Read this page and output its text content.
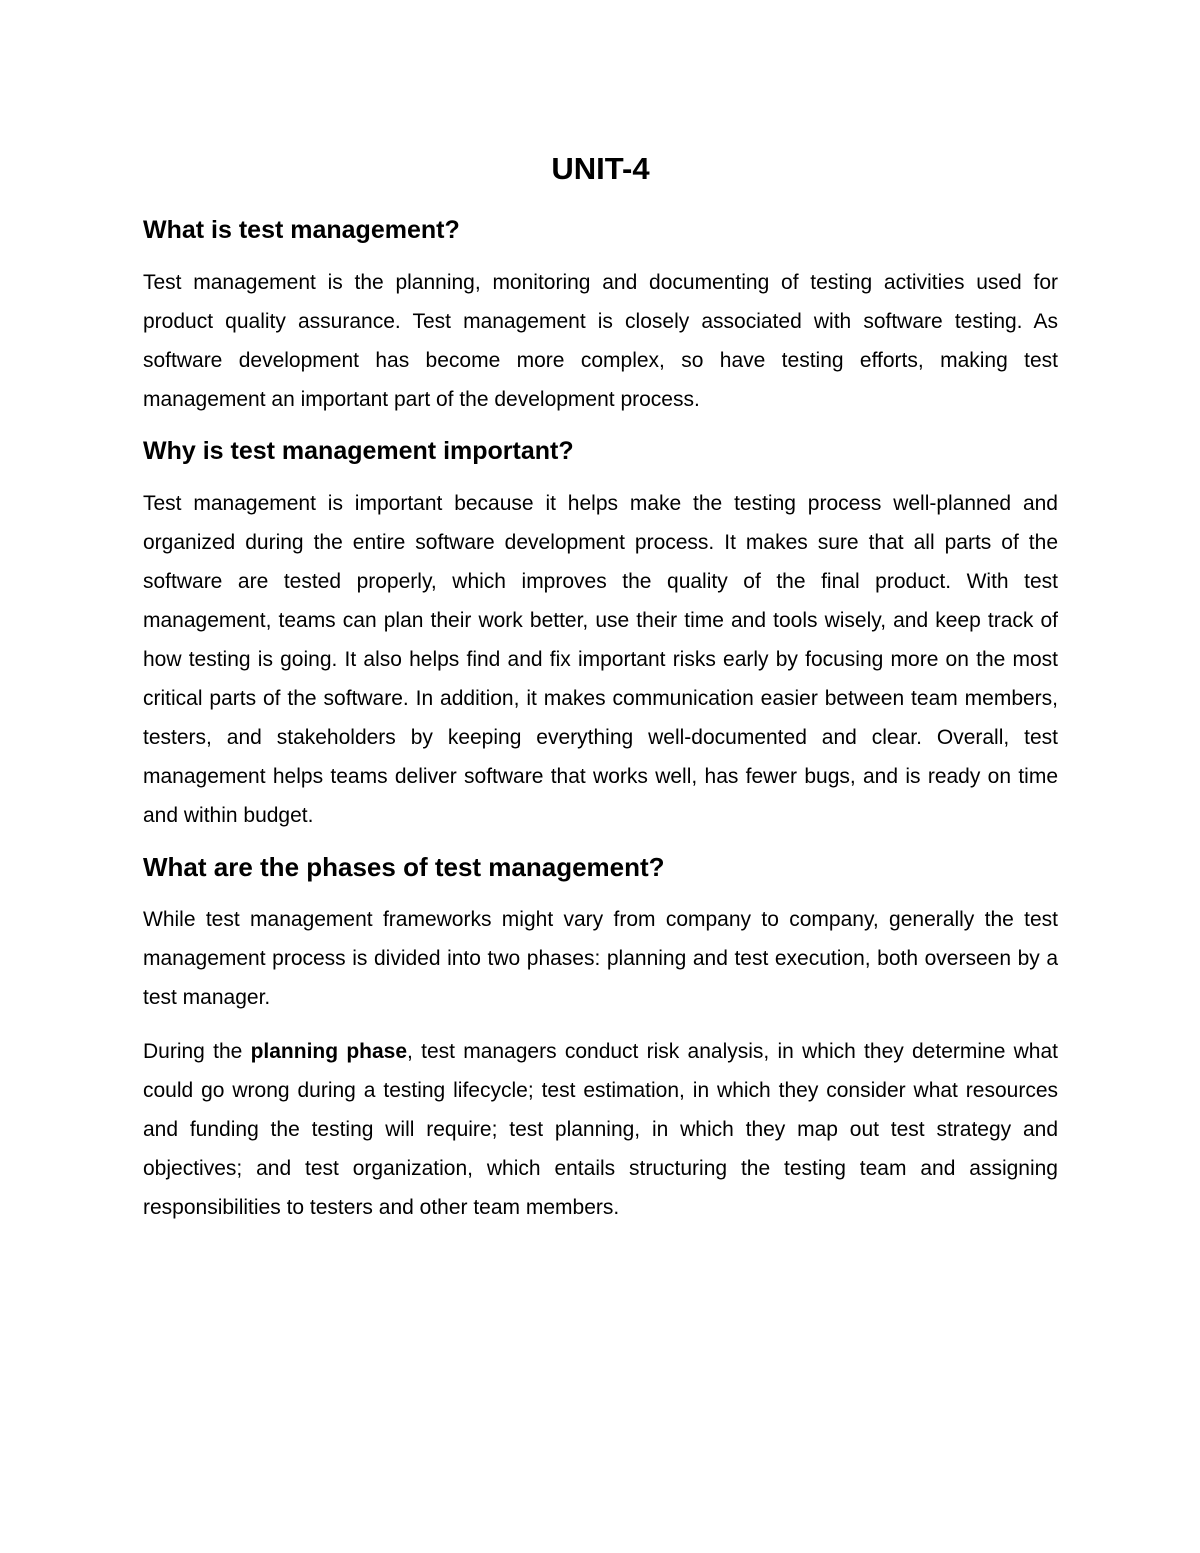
UNIT-4
What is test management?

Test management is the planning, monitoring and documenting of testing activities used for product quality assurance. Test management is closely associated with software testing. As software development has become more complex, so have testing efforts, making test management an important part of the development process.

Why is test management important?

Test management is important because it helps make the testing process well-planned and organized during the entire software development process. It makes sure that all parts of the software are tested properly, which improves the quality of the final product. With test management, teams can plan their work better, use their time and tools wisely, and keep track of how testing is going. It also helps find and fix important risks early by focusing more on the most critical parts of the software. In addition, it makes communication easier between team members, testers, and stakeholders by keeping everything well-documented and clear. Overall, test management helps teams deliver software that works well, has fewer bugs, and is ready on time and within budget.

What are the phases of test management?

While test management frameworks might vary from company to company, generally the test management process is divided into two phases: planning and test execution, both overseen by a test manager.

During the planning phase, test managers conduct risk analysis, in which they determine what could go wrong during a testing lifecycle; test estimation, in which they consider what resources and funding the testing will require; test planning, in which they map out test strategy and objectives; and test organization, which entails structuring the testing team and assigning responsibilities to testers and other team members.
